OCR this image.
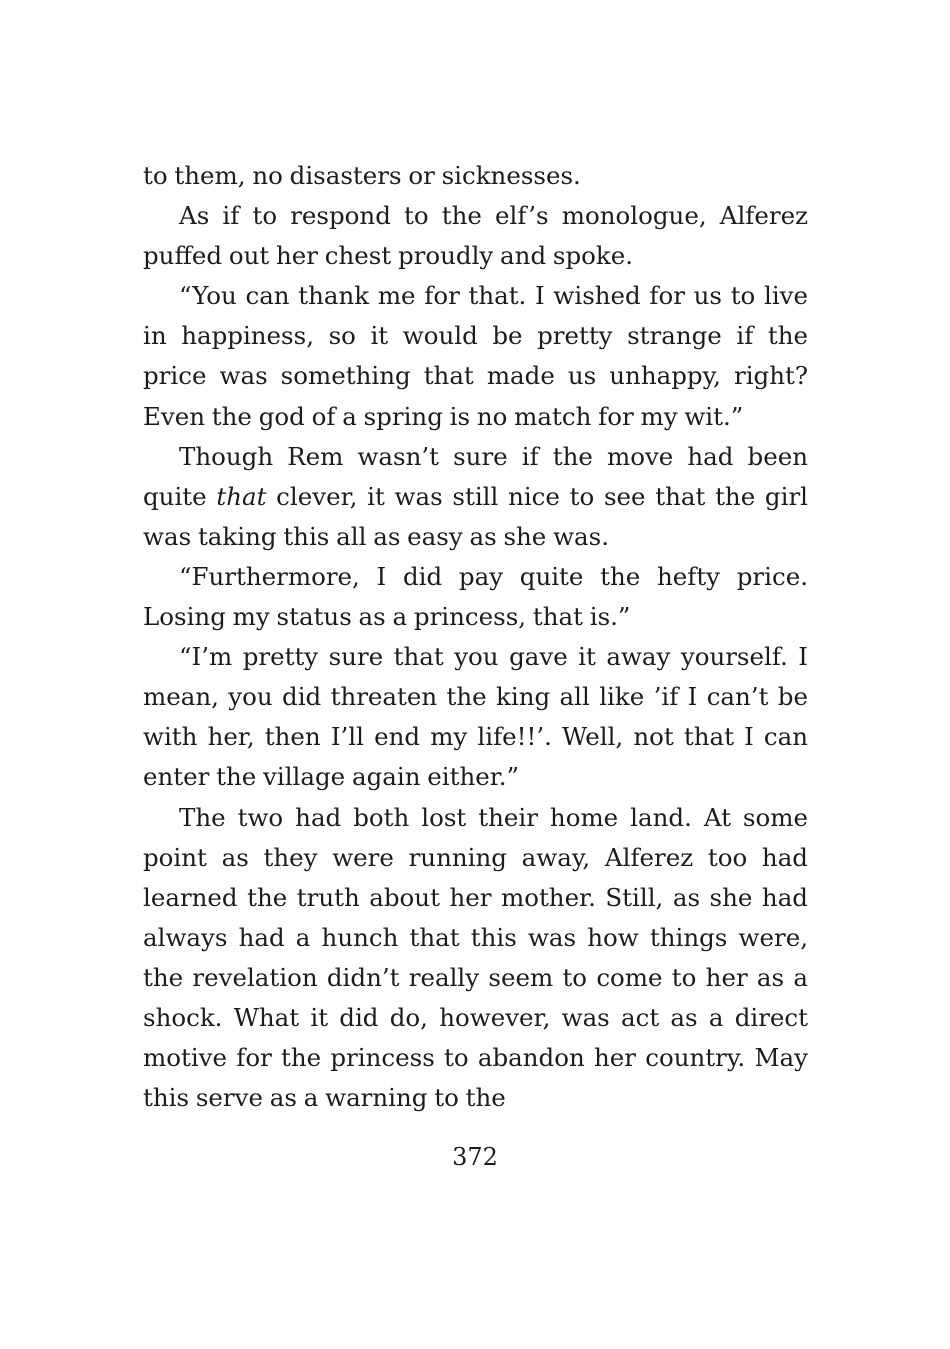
to them, no disasters or sicknesses.

As if to respond to the elf’s monologue, Alferez puffed out her chest proudly and spoke.

“You can thank me for that. I wished for us to live in happiness, so it would be pretty strange if the price was something that made us unhappy, right? Even the god of a spring is no match for my wit.”

Though Rem wasn’t sure if the move had been quite that clever, it was still nice to see that the girl was taking this all as easy as she was.

“Furthermore, I did pay quite the hefty price. Losing my status as a princess, that is.”

“I’m pretty sure that you gave it away yourself. I mean, you did threaten the king all like ’if I can’t be with her, then I’ll end my life!!’. Well, not that I can enter the village again either.”

The two had both lost their home land. At some point as they were running away, Alferez too had learned the truth about her mother. Still, as she had always had a hunch that this was how things were, the revelation didn’t really seem to come to her as a shock. What it did do, however, was act as a direct motive for the princess to abandon her country. May this serve as a warning to the

372
